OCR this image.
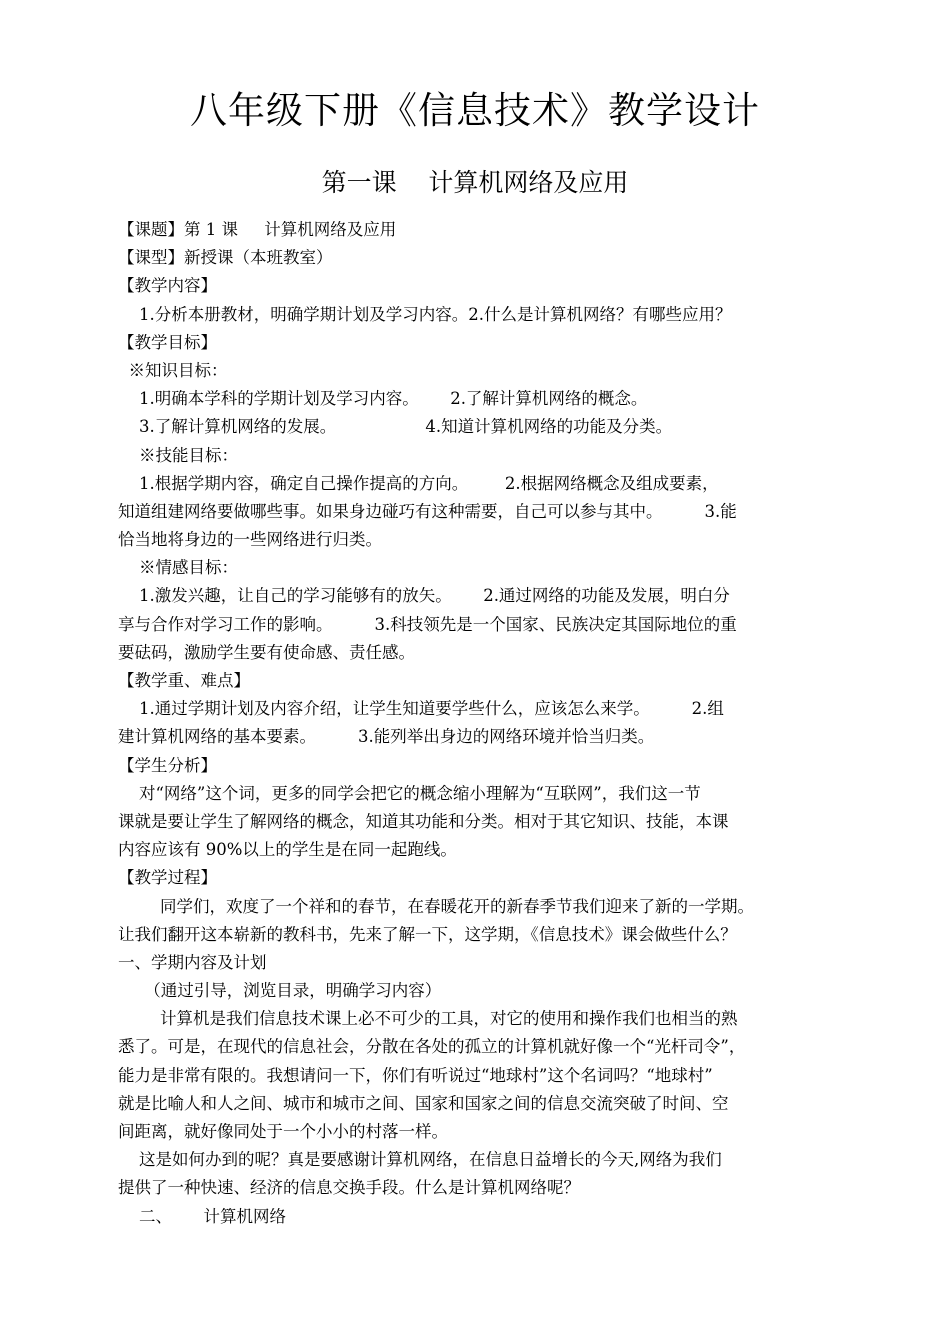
八年级下册《信息技术》教学设计
第一课    计算机网络及应用
【课题】第 1 课     计算机网络及应用
【课型】新授课（本班教室）
【教学内容】
1.分析本册教材，明确学期计划及学习内容。2.什么是计算机网络？有哪些应用？
【教学目标】
※知识目标：
1.明确本学科的学期计划及学习内容。      2.了解计算机网络的概念。
3.了解计算机网络的发展。                 4.知道计算机网络的功能及分类。
※技能目标：
1.根据学期内容，确定自己操作提高的方向。       2.根据网络概念及组成要素，
知道组建网络要做哪些事。如果身边碰巧有这种需要，自己可以参与其中。        3.能
恰当地将身边的一些网络进行归类。
※情感目标：
1.激发兴趣，让自己的学习能够有的放矢。      2.通过网络的功能及发展，明白分
享与合作对学习工作的影响。        3.科技领先是一个国家、民族决定其国际地位的重
要砝码，激励学生要有使命感、责任感。
【教学重、难点】
1.通过学期计划及内容介绍，让学生知道要学些什么，应该怎么来学。        2.组
建计算机网络的基本要素。        3.能列举出身边的网络环境并恰当归类。
【学生分析】
对“网络”这个词，更多的同学会把它的概念缩小理解为“互联网”，我们这一节
课就是要让学生了解网络的概念，知道其功能和分类。相对于其它知识、技能，本课
内容应该有 90%以上的学生是在同一起跑线。
【教学过程】
同学们，欢度了一个祥和的春节，在春暖花开的新春季节我们迎来了新的一学期。
让我们翻开这本崭新的教科书，先来了解一下，这学期，《信息技术》课会做些什么？
一、学期内容及计划
（通过引导，浏览目录，明确学习内容）
计算机是我们信息技术课上必不可少的工具，对它的使用和操作我们也相当的熟
悉了。可是，在现代的信息社会，分散在各处的孤立的计算机就好像一个“光杆司令”，
能力是非常有限的。我想请问一下，你们有听说过“地球村”这个名词吗？“地球村”
就是比喻人和人之间、城市和城市之间、国家和国家之间的信息交流突破了时间、空
间距离，就好像同处于一个小小的村落一样。
这是如何办到的呢？真是要感谢计算机网络，在信息日益增长的今天,网络为我们
提供了一种快速、经济的信息交换手段。什么是计算机网络呢？
二、      计算机网络
